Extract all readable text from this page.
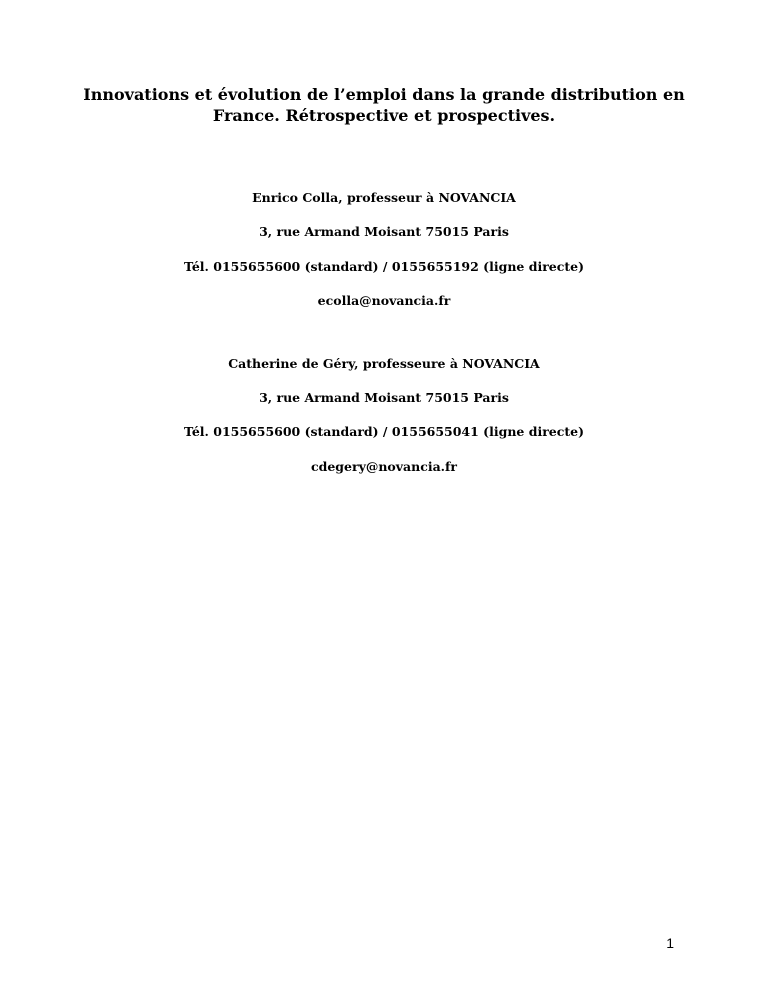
Innovations et évolution de l’emploi dans la grande distribution en
France. Rétrospective et prospectives.
Enrico Colla, professeur à NOVANCIA
3, rue Armand Moisant 75015 Paris
Tél. 0155655600 (standard) / 0155655192 (ligne directe)
ecolla@novancia.fr
Catherine de Géry, professeure à NOVANCIA
3, rue Armand Moisant 75015 Paris
Tél. 0155655600 (standard) / 0155655041 (ligne directe)
cdegery@novancia.fr
1
